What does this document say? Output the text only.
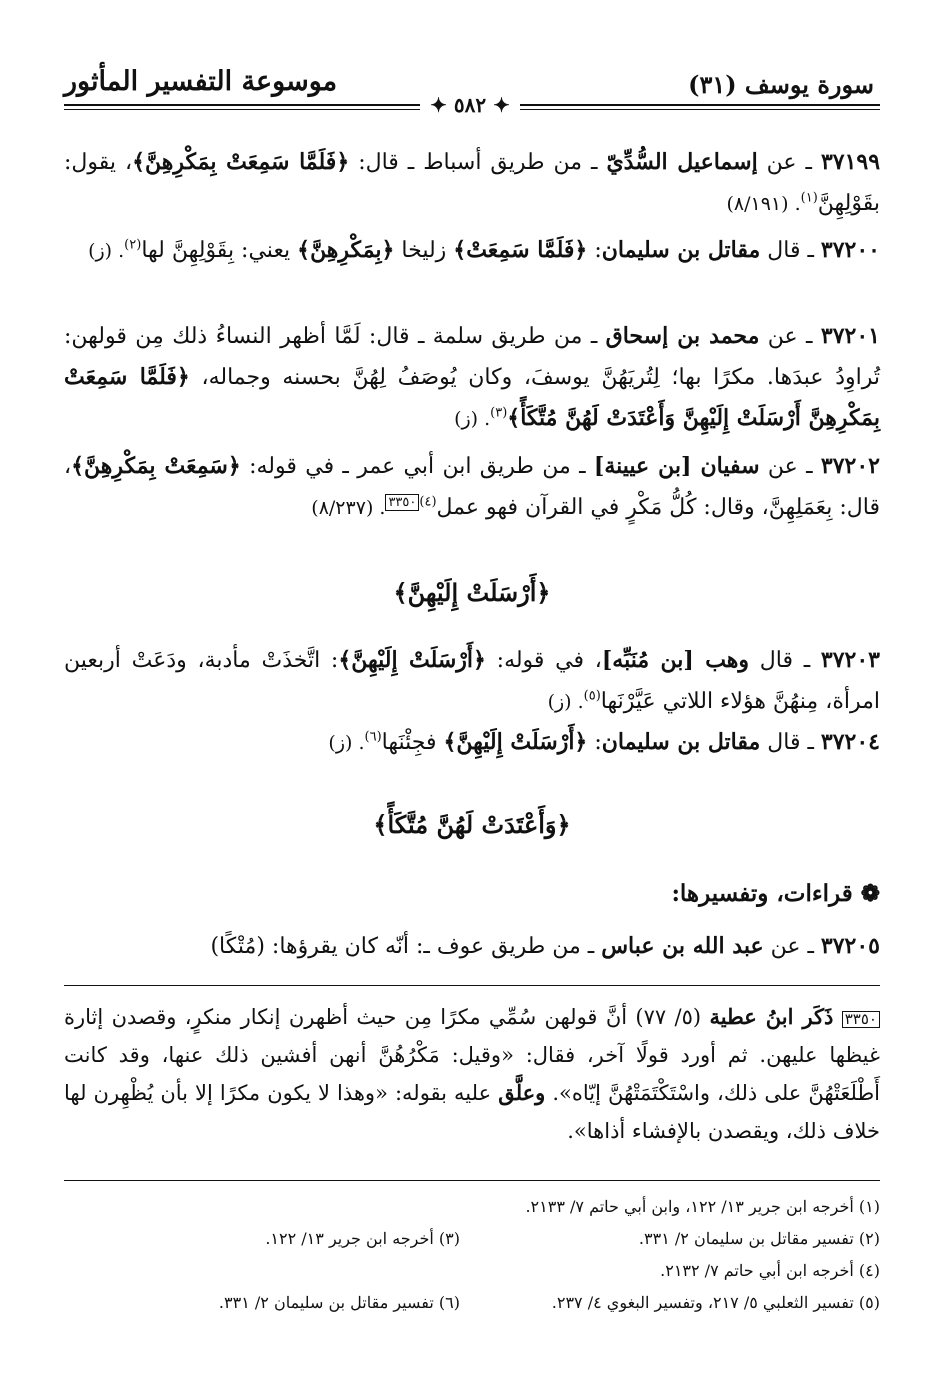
موسوعة التفسير المأثور	سورة يوسف (٣١)
✦ ٥٨٢ ✦
٣٧١٩٩ ـ عن إسماعيل السُّدِّيّ ـ من طريق أسباط ـ قال: ﴿فَلَمَّا سَمِعَتْ بِمَكْرِهِنَّ﴾، يقول: بقَوْلِهِنَّ$^{(١)}$. (٨/١٩١)
٣٧٢٠٠ ـ قال مقاتل بن سليمان: ﴿فَلَمَّا سَمِعَتْ﴾ زليخا ﴿بِمَكْرِهِنَّ﴾ يعني: بِقَوْلِهِنَّ لها$^{(٢)}$. (ز)
٣٧٢٠١ ـ عن محمد بن إسحاق ـ من طريق سلمة ـ قال: لَمَّا أظهر النساءُ ذلك مِن قولهن: تُراوِدُ عبدَها. مكرًا بها؛ لِتُريَهُنَّ يوسفَ، وكان يُوصَفُ لِهُنَّ بحسنه وجماله، ﴿فَلَمَّا سَمِعَتْ بِمَكْرِهِنَّ أَرْسَلَتْ إِلَيْهِنَّ وَأَعْتَدَتْ لَهُنَّ مُتَّكَأً﴾$^{(٣)}$. (ز)
٣٧٢٠٢ ـ عن سفيان [بن عيينة] ـ من طريق ابن أبي عمر ـ في قوله: ﴿سَمِعَتْ بِمَكْرِهِنَّ﴾، قال: بِعَمَلِهِنَّ، وقال: كُلُّ مَكْرٍ في القرآن فهو عمل$^{(٤)}$٣٣٥٠. (٨/٢٣٧)
﴿أَرْسَلَتْ إِلَيْهِنَّ﴾
٣٧٢٠٣ ـ قال وهب [بن مُنَبِّه]، في قوله: ﴿أَرْسَلَتْ إِلَيْهِنَّ﴾: اتَّخذَتْ مأدبة، ودَعَتْ أربعين امرأة، مِنهُنَّ هؤلاء اللاتي عَيَّرْنَها$^{(٥)}$. (ز)
٣٧٢٠٤ ـ قال مقاتل بن سليمان: ﴿أَرْسَلَتْ إِلَيْهِنَّ﴾ فجِئْنَها$^{(٦)}$. (ز)
﴿وَأَعْتَدَتْ لَهُنَّ مُتَّكَأً﴾
❁ قراءات، وتفسيرها:
٣٧٢٠٥ ـ عن عبد الله بن عباس ـ من طريق عوف ـ: أنّه كان يقرؤها: (مُتْكًا)
٣٣٥٠ ذَكَر ابنُ عطية (٥/ ٧٧) أنَّ قولهن سُمِّي مكرًا مِن حيث أظهرن إنكار منكرٍ، وقصدن إثارة غيظها عليهن. ثم أورد قولًا آخر، فقال: «وقيل: مَكْرُهُنَّ أنهن أفشين ذلك عنها، وقد كانت أَطْلَعَتْهُنَّ على ذلك، واسْتَكْتَمَتْهُنَّ إيّاه». وعلَّق عليه بقوله: «وهذا لا يكون مكرًا إلا بأن يُظْهِرن لها خلاف ذلك، ويقصدن بالإفشاء أذاها».
(١) أخرجه ابن جرير ١٣/ ١٢٢، وابن أبي حاتم ٧/ ٢١٣٣.
(٢) تفسير مقاتل بن سليمان ٢/ ٣٣١.(٣) أخرجه ابن جرير ١٣/ ١٢٢.
(٤) أخرجه ابن أبي حاتم ٧/ ٢١٣٢.
(٥) تفسير الثعلبي ٥/ ٢١٧، وتفسير البغوي ٤/ ٢٣٧.(٦) تفسير مقاتل بن سليمان ٢/ ٣٣١.
